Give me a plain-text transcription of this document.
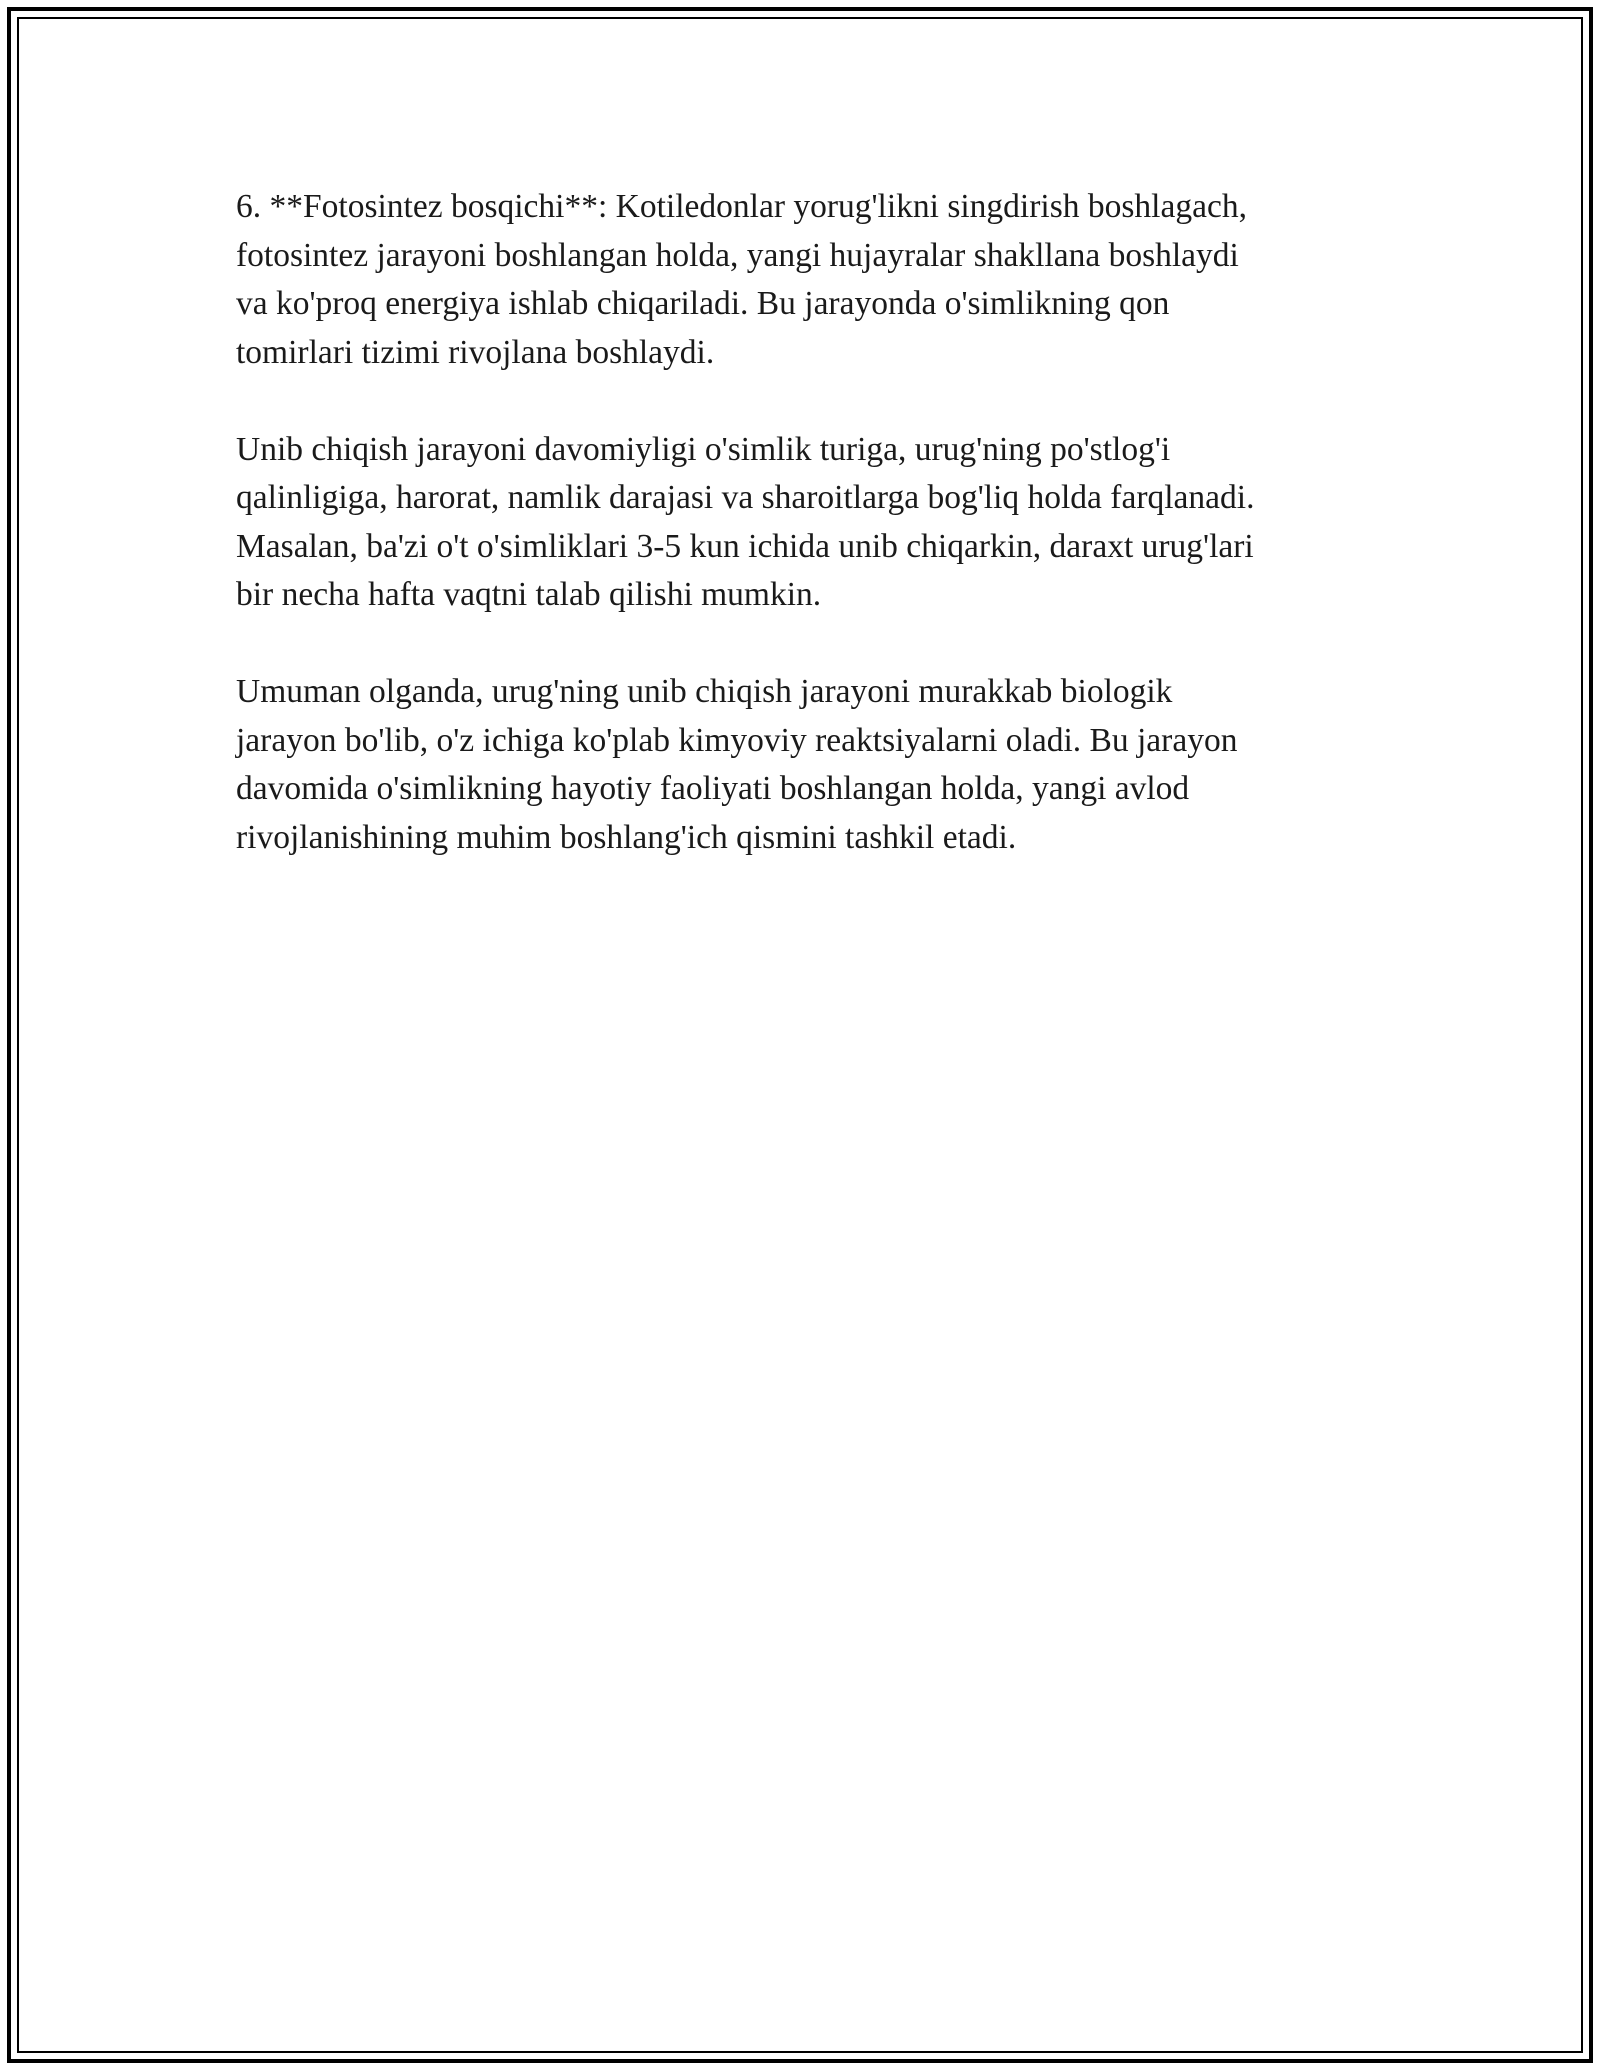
6. **Fotosintez bosqichi**: Kotiledonlar yorug'likni singdirish boshlagach,
fotosintez jarayoni boshlangan holda, yangi hujayralar shakllana boshlaydi
va ko'proq energiya ishlab chiqariladi. Bu jarayonda o'simlikning qon
tomirlari tizimi rivojlana boshlaydi.

Unib chiqish jarayoni davomiyligi o'simlik turiga, urug'ning po'stlog'i
qalinligiga, harorat, namlik darajasi va sharoitlarga bog'liq holda farqlanadi.
Masalan, ba'zi o't o'simliklari 3-5 kun ichida unib chiqarkin, daraxt urug'lari
bir necha hafta vaqtni talab qilishi mumkin.

Umuman olganda, urug'ning unib chiqish jarayoni murakkab biologik
jarayon bo'lib, o'z ichiga ko'plab kimyoviy reaktsiyalarni oladi. Bu jarayon
davomida o'simlikning hayotiy faoliyati boshlangan holda, yangi avlod
rivojlanishining muhim boshlang'ich qismini tashkil etadi.
